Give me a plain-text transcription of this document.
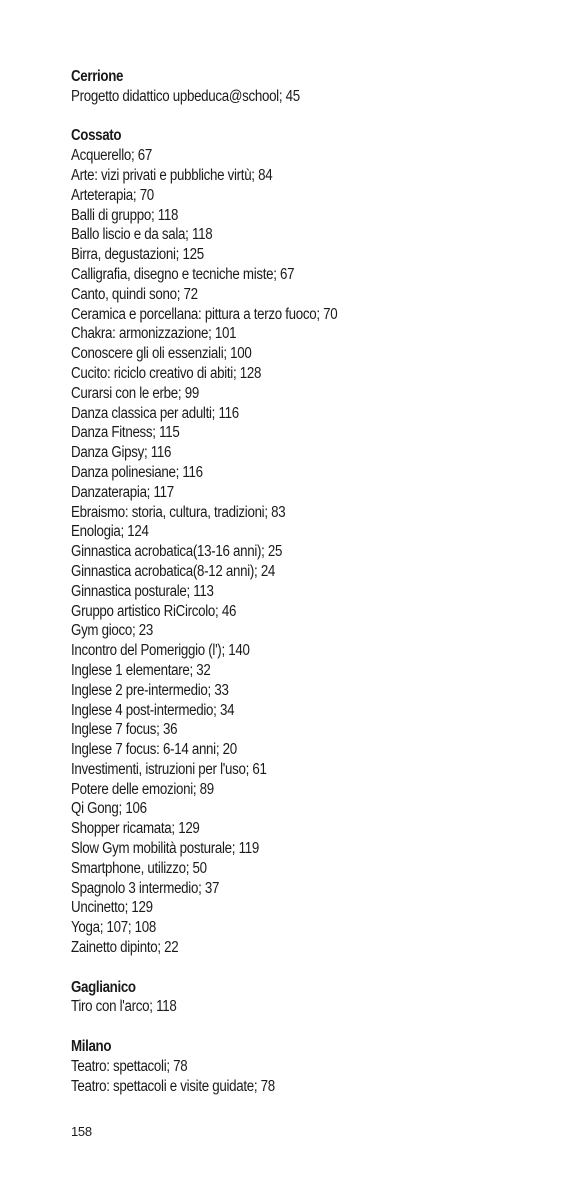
Cerrione
Progetto didattico upbeduca@school; 45
Cossato
Acquerello; 67
Arte: vizi privati e pubbliche virtù; 84
Arteterapia; 70
Balli di gruppo; 118
Ballo liscio e da sala; 118
Birra, degustazioni; 125
Calligrafia, disegno e tecniche miste; 67
Canto, quindi sono; 72
Ceramica e porcellana: pittura a terzo fuoco; 70
Chakra: armonizzazione; 101
Conoscere gli oli essenziali; 100
Cucito: riciclo creativo di abiti; 128
Curarsi con le erbe; 99
Danza classica per adulti; 116
Danza Fitness; 115
Danza Gipsy; 116
Danza polinesiane; 116
Danzaterapia; 117
Ebraismo: storia, cultura, tradizioni; 83
Enologia; 124
Ginnastica acrobatica(13-16 anni); 25
Ginnastica acrobatica(8-12 anni); 24
Ginnastica posturale; 113
Gruppo artistico RiCircolo; 46
Gym gioco; 23
Incontro del Pomeriggio (l'); 140
Inglese 1 elementare; 32
Inglese 2 pre-intermedio; 33
Inglese 4 post-intermedio; 34
Inglese 7 focus; 36
Inglese 7 focus: 6-14 anni; 20
Investimenti, istruzioni per l'uso; 61
Potere delle emozioni; 89
Qi Gong; 106
Shopper ricamata; 129
Slow Gym mobilità posturale; 119
Smartphone, utilizzo; 50
Spagnolo 3 intermedio; 37
Uncinetto; 129
Yoga; 107; 108
Zainetto dipinto; 22
Gaglianico
Tiro con l'arco; 118
Milano
Teatro: spettacoli; 78
Teatro: spettacoli e visite guidate; 78
158
